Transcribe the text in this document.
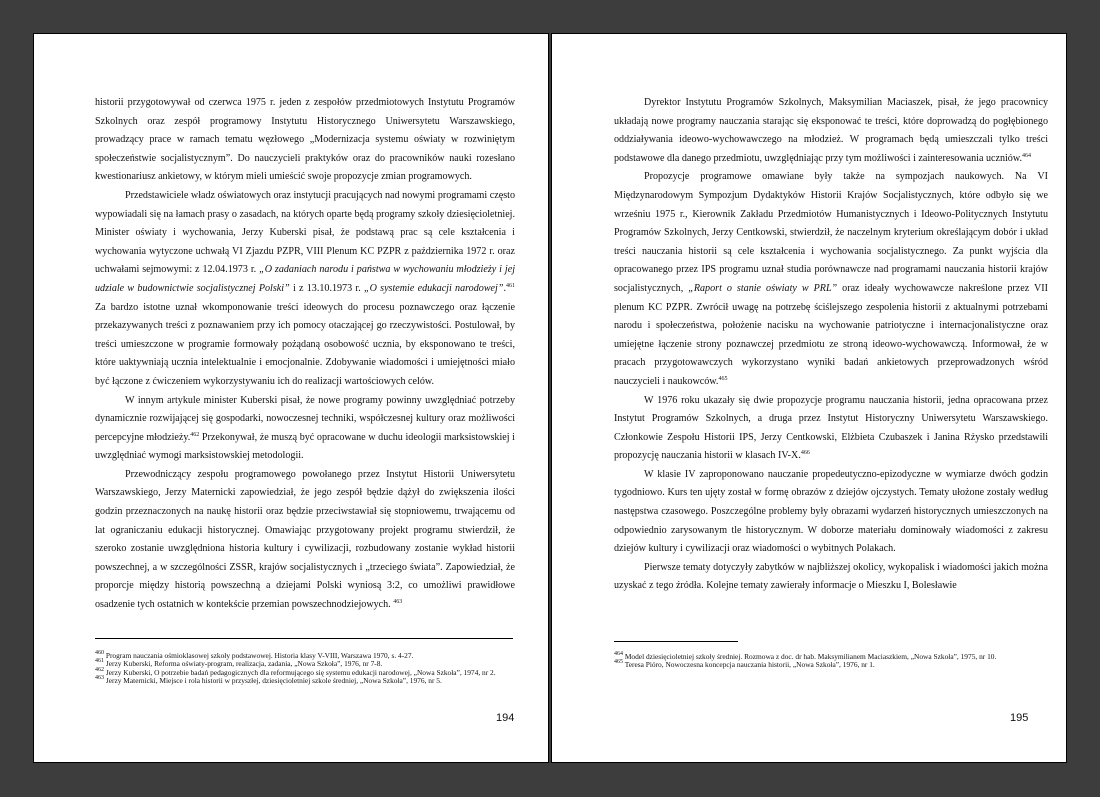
historii przygotowywał od czerwca 1975 r. jeden z zespołów przedmiotowych Instytutu Programów Szkolnych oraz zespół programowy Instytutu Historycznego Uniwersytetu Warszawskiego, prowadzący prace w ramach tematu węzłowego „Modernizacja systemu oświaty w rozwiniętym społeczeństwie socjalistycznym”. Do nauczycieli praktyków oraz do pracowników nauki rozesłano kwestionariusz ankietowy, w którym mieli umieścić swoje propozycje zmian programowych.

Przedstawiciele władz oświatowych oraz instytucji pracujących nad nowymi programami często wypowiadali się na łamach prasy o zasadach, na których oparte będą programy szkoły dziesięcioletniej. Minister oświaty i wychowania, Jerzy Kuberski pisał, że podstawą prac są cele kształcenia i wychowania wytyczone uchwałą VI Zjazdu PZPR, VIII Plenum KC PZPR z października 1972 r. oraz uchwałami sejmowymi: z 12.04.1973 r. „O zadaniach narodu i państwa w wychowaniu młodzieży i jej udziale w budownictwie socjalistycznej Polski” i z 13.10.1973 r. „O systemie edukacji narodowej”.$^{461}$ Za bardzo istotne uznał wkomponowanie treści ideowych do procesu poznawczego oraz łączenie przekazywanych treści z poznawaniem przy ich pomocy otaczającej go rzeczywistości. Postulował, by treści umieszczone w programie formowały pożądaną osobowość ucznia, by eksponowano te treści, które uaktywniają ucznia intelektualnie i emocjonalnie. Zdobywanie wiadomości i umiejętności miało być łączone z ćwiczeniem wykorzystywaniu ich do realizacji wartościowych celów.

W innym artykule minister Kuberski pisał, że nowe programy powinny uwzględniać potrzeby dynamicznie rozwijającej się gospodarki, nowoczesnej techniki, współczesnej kultury oraz możliwości percepcyjne młodzieży.$^{462}$ Przekonywał, że muszą być opracowane w duchu ideologii marksistowskiej i uwzględniać wymogi marksistowskiej metodologii.

Przewodniczący zespołu programowego powołanego przez Instytut Historii Uniwersytetu Warszawskiego, Jerzy Maternicki zapowiedział, że jego zespół będzie dążył do zwiększenia ilości godzin przeznaczonych na naukę historii oraz będzie przeciwstawiał się stopniowemu, trwającemu od lat ograniczaniu edukacji historycznej. Omawiając przygotowany projekt programu stwierdził, że szeroko zostanie uwzględniona historia kultury i cywilizacji, rozbudowany zostanie wykład historii powszechnej, a w szczególności ZSSR, krajów socjalistycznych i „trzeciego świata”. Zapowiedział, że proporcje między historią powszechną a dziejami Polski wyniosą 3:2, co umożliwi prawidłowe osadzenie tych ostatnich w kontekście przemian powszechnodziejowych. $^{463}$

$^{460}$ Program nauczania ośmioklasowej szkoły podstawowej. Historia klasy V-VIII, Warszawa 1970, s. 4-27.
$^{461}$ Jerzy Kuberski, Reforma oświaty-program, realizacja, zadania, „Nowa Szkoła”, 1976, nr 7-8.
$^{462}$ Jerzy Kuberski, O potrzebie badań pedagogicznych dla reformującego się systemu edukacji narodowej, „Nowa Szkoła”, 1974, nr 2.
$^{463}$ Jerzy Maternicki, Miejsce i rola historii w przyszłej, dziesięcioletniej szkole średniej, „Nowa Szkoła”, 1976, nr 5.
194

Dyrektor Instytutu Programów Szkolnych, Maksymilian Maciaszek, pisał, że jego pracownicy układają nowe programy nauczania starając się eksponować te treści, które doprowadzą do pogłębionego oddziaływania ideowo-wychowawczego na młodzież. W programach będą umieszczali tylko treści podstawowe dla danego przedmiotu, uwzględniając przy tym możliwości i zainteresowania uczniów.$^{464}$

Propozycje programowe omawiane były także na sympozjach naukowych. Na VI Międzynarodowym Sympozjum Dydaktyków Historii Krajów Socjalistycznych, które odbyło się we wrześniu 1975 r., Kierownik Zakładu Przedmiotów Humanistycznych i Ideowo-Politycznych Instytutu Programów Szkolnych, Jerzy Centkowski, stwierdził, że naczelnym kryterium określającym dobór i układ treści nauczania historii są cele kształcenia i wychowania socjalistycznego. Za punkt wyjścia dla opracowanego przez IPS programu uznał studia porównawcze nad programami nauczania historii krajów socjalistycznych, „Raport o stanie oświaty w PRL” oraz ideały wychowawcze nakreślone przez VII plenum KC PZPR. Zwrócił uwagę na potrzebę ściślejszego zespolenia historii z aktualnymi potrzebami narodu i społeczeństwa, położenie nacisku na wychowanie patriotyczne i internacjonalistyczne oraz umiejętne łączenie strony poznawczej przedmiotu ze stroną ideowo-wychowawczą. Informował, że w pracach przygotowawczych wykorzystano wyniki badań ankietowych przeprowadzonych wśród nauczycieli i naukowców.$^{465}$

W 1976 roku ukazały się dwie propozycje programu nauczania historii, jedna opracowana przez Instytut Programów Szkolnych, a druga przez Instytut Historyczny Uniwersytetu Warszawskiego. Członkowie Zespołu Historii IPS, Jerzy Centkowski, Elżbieta Czubaszek i Janina Rżysko przedstawili propozycję nauczania historii w klasach IV-X.$^{466}$

W klasie IV zaproponowano nauczanie propedeutyczno-epizodyczne w wymiarze dwóch godzin tygodniowo. Kurs ten ujęty został w formę obrazów z dziejów ojczystych. Tematy ułożone zostały według następstwa czasowego. Poszczególne problemy były obrazami wydarzeń historycznych umieszczonych na odpowiednio zarysowanym tle historycznym. W doborze materiału dominowały wiadomości z zakresu dziejów kultury i cywilizacji oraz wiadomości o wybitnych Polakach.

Pierwsze tematy dotyczyły zabytków w najbliższej okolicy, wykopalisk i wiadomości jakich można uzyskać z tego źródła. Kolejne tematy zawierały informacje o Mieszku I, Bolesławie

$^{464}$ Model dziesięcioletniej szkoły średniej. Rozmowa z doc. dr hab. Maksymilianem Maciaszkiem, „Nowa Szkoła”, 1975, nr 10.
$^{465}$ Teresa Pióro, Nowoczesna koncepcja nauczania historii, „Nowa Szkoła”, 1976, nr 1.
195
